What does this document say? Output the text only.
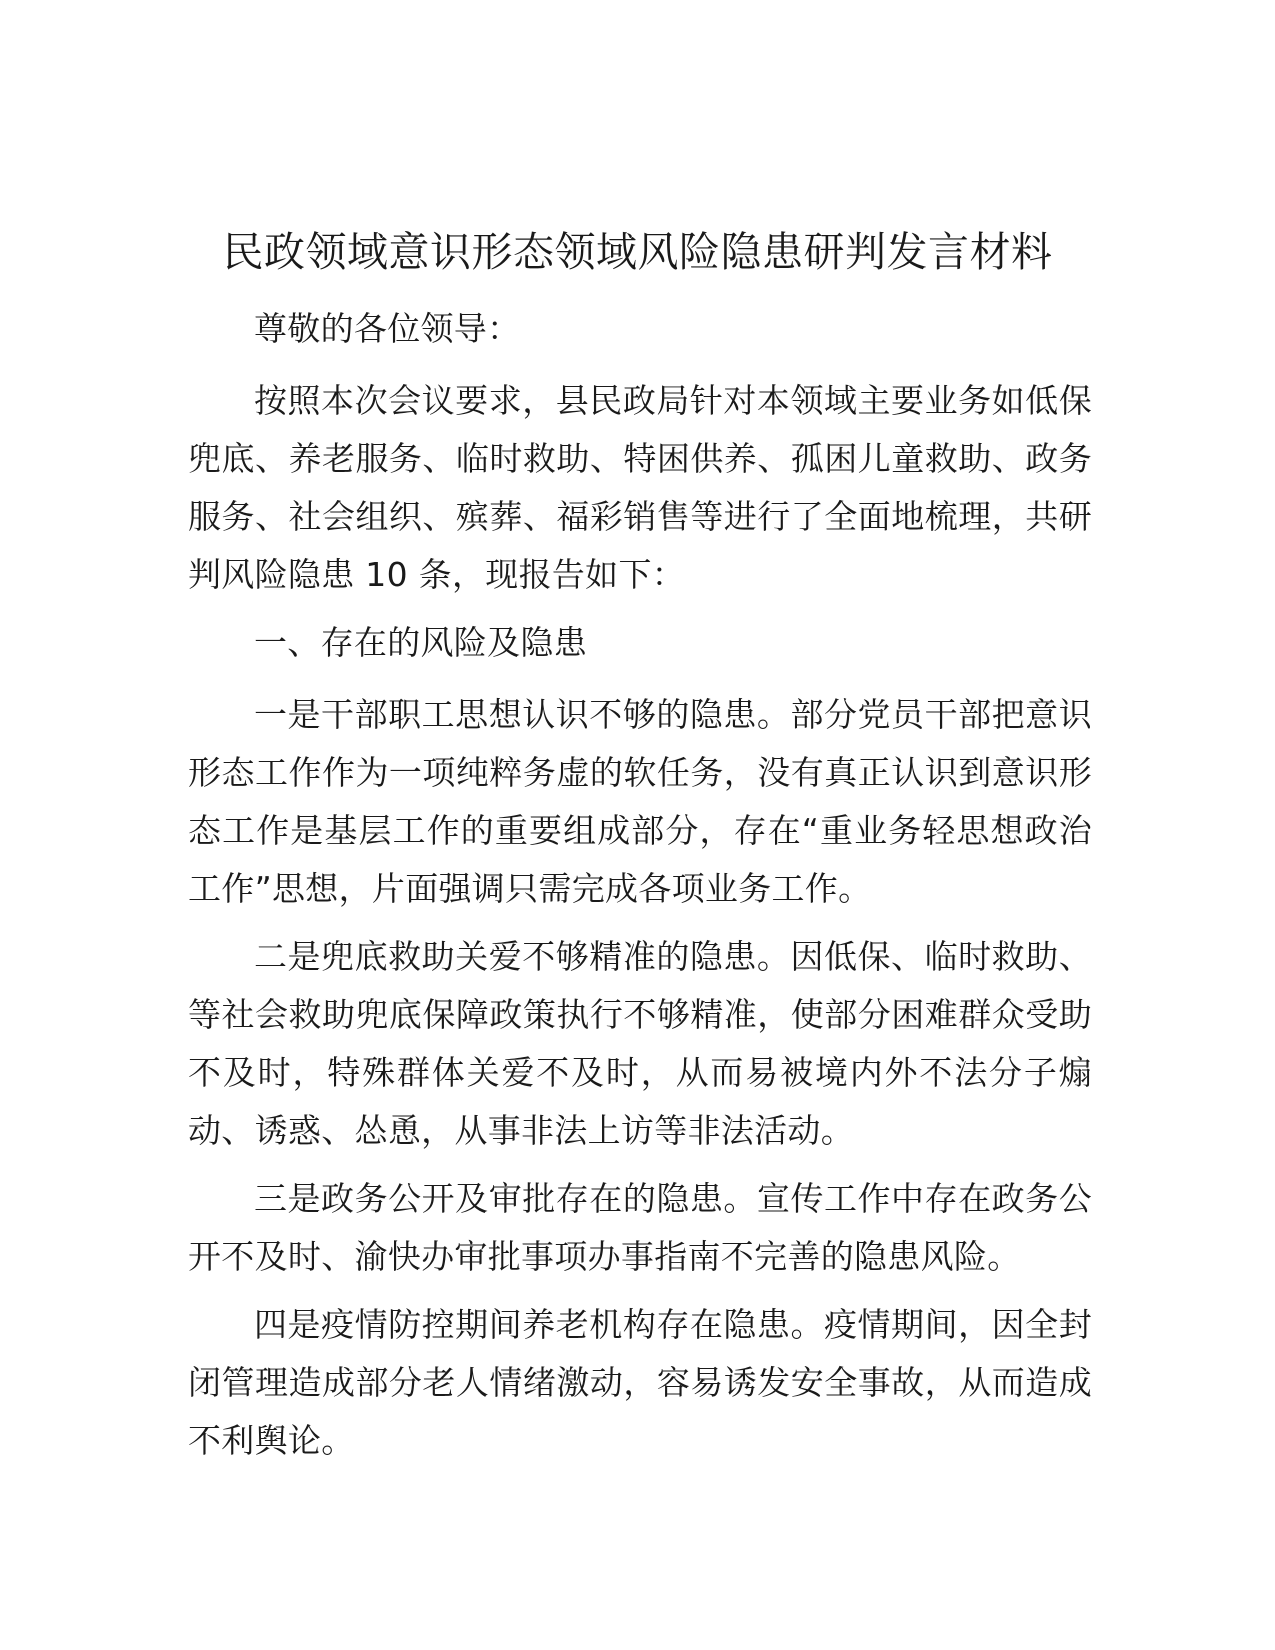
民政领域意识形态领域风险隐患研判发言材料

尊敬的各位领导：

按照本次会议要求，县民政局针对本领域主要业务如低保兜底、养老服务、临时救助、特困供养、孤困儿童救助、政务服务、社会组织、殡葬、福彩销售等进行了全面地梳理，共研判风险隐患 10 条，现报告如下：

一、存在的风险及隐患

一是干部职工思想认识不够的隐患。部分党员干部把意识形态工作作为一项纯粹务虚的软任务，没有真正认识到意识形态工作是基层工作的重要组成部分，存在“重业务轻思想政治工作”思想，片面强调只需完成各项业务工作。

二是兜底救助关爱不够精准的隐患。因低保、临时救助、等社会救助兜底保障政策执行不够精准，使部分困难群众受助不及时，特殊群体关爱不及时，从而易被境内外不法分子煽动、诱惑、怂恿，从事非法上访等非法活动。

三是政务公开及审批存在的隐患。宣传工作中存在政务公开不及时、渝快办审批事项办事指南不完善的隐患风险。

四是疫情防控期间养老机构存在隐患。疫情期间，因全封闭管理造成部分老人情绪激动，容易诱发安全事故，从而造成不利舆论。
